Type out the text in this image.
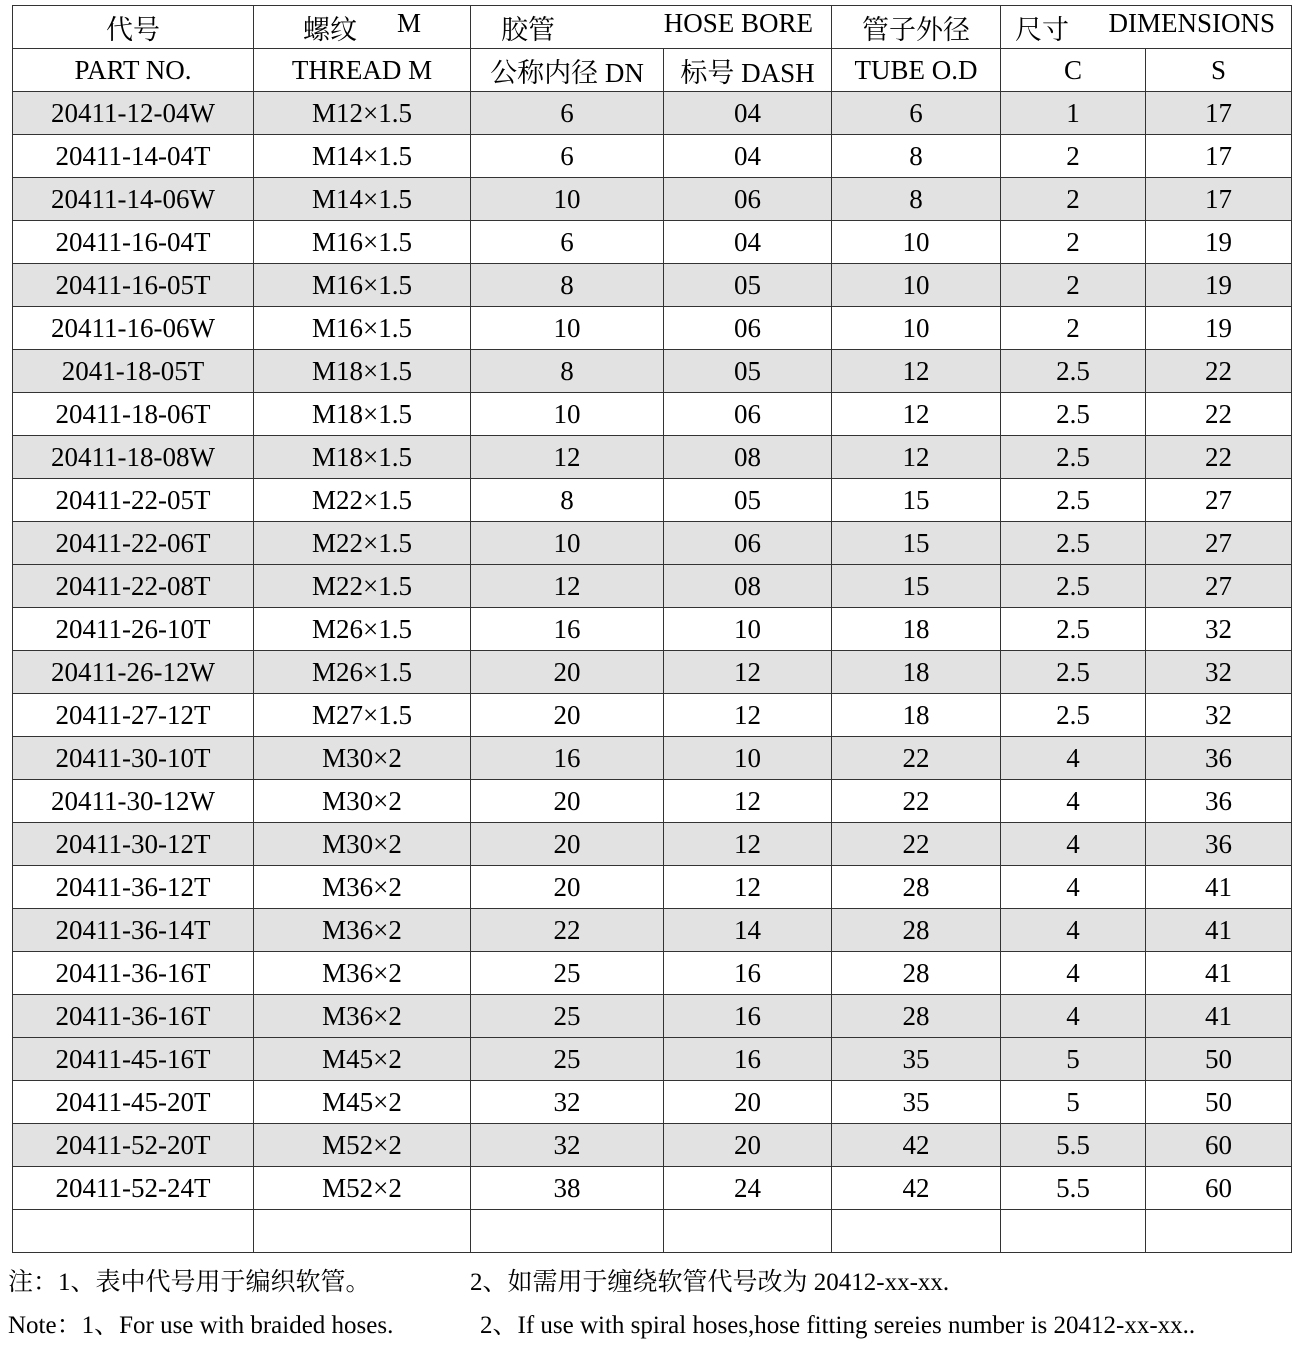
代号	螺纹 M	胶管 HOSE BORE		管子外径	尺寸 DIMENSIONS	

PART NO.	THREAD M	公称内径 DN	标号 DASH	TUBE O.D	C	S
20411-12-04W	M12×1.5	6	04	6	1	17
20411-14-04T	M14×1.5	6	04	8	2	17
20411-14-06W	M14×1.5	10	06	8	2	17
20411-16-04T	M16×1.5	6	04	10	2	19
20411-16-05T	M16×1.5	8	05	10	2	19
20411-16-06W	M16×1.5	10	06	10	2	19
2041-18-05T	M18×1.5	8	05	12	2.5	22
20411-18-06T	M18×1.5	10	06	12	2.5	22
20411-18-08W	M18×1.5	12	08	12	2.5	22
20411-22-05T	M22×1.5	8	05	15	2.5	27
20411-22-06T	M22×1.5	10	06	15	2.5	27
20411-22-08T	M22×1.5	12	08	15	2.5	27
20411-26-10T	M26×1.5	16	10	18	2.5	32
20411-26-12W	M26×1.5	20	12	18	2.5	32
20411-27-12T	M27×1.5	20	12	18	2.5	32
20411-30-10T	M30×2	16	10	22	4	36
20411-30-12W	M30×2	20	12	22	4	36
20411-30-12T	M30×2	20	12	22	4	36
20411-36-12T	M36×2	20	12	28	4	41
20411-36-14T	M36×2	22	14	28	4	41
20411-36-16T	M36×2	25	16	28	4	41
20411-36-16T	M36×2	25	16	28	4	41
20411-45-16T	M45×2	25	16	35	5	50
20411-45-20T	M45×2	32	20	35	5	50
20411-52-20T	M52×2	32	20	42	5.5	60
20411-52-24T	M52×2	38	24	42	5.5	60

注：1、表中代号用于编织软管。	2、如需用于缠绕软管代号改为 20412-xx-xx.
Note：1、For use with braided hoses.	2、If use with spiral hoses,hose fitting sereies number is 20412-xx-xx..
